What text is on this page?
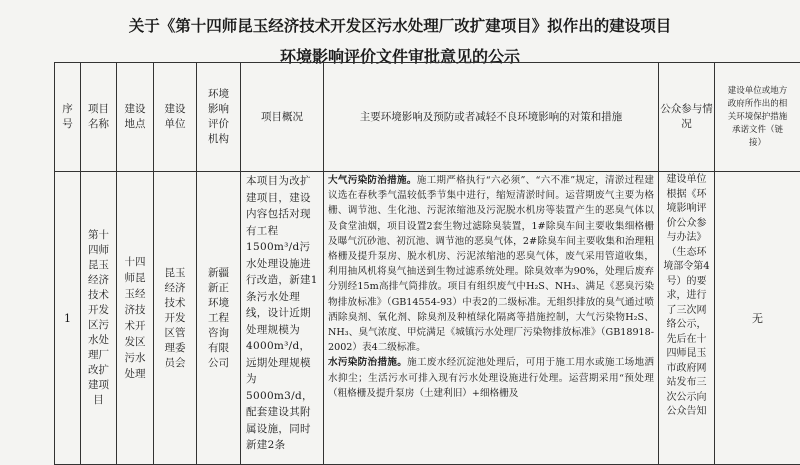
关于《第十四师昆玉经济技术开发区污水处理厂改扩建项目》拟作出的建设项目
环境影响评价文件审批意见的公示
序号	项目名称	建设地点	建设单位	环境影响评价机构	项目概况	主要环境影响及预防或者减轻不良环境影响的对策和措施	公众参与情况	建设单位或地方政府所作出的相关环境保护措施承诺文件（链接）

1	第十四师昆玉经济技术开发区污水处理厂改扩建项目	十四师昆玉经济技术开发区污水处理	昆玉经济技术开发区管理委员会	新疆新正环境工程咨询有限公司	本项目为改扩建项目，建设内容包括对现有工程1500m³/d污水处理设施进行改造，新建1条污水处理线，设计近期处理规模为4000m³/d，远期处理规模为5000m3/d，配套建设其附属设施，同时新建2条	大气污染防治措施。施工期严格执行“六必须”、“六不准”规定，清淤过程建议选在春秋季气温较低季节集中进行，缩短清淤时间。运营期废气主要为格栅、调节池、生化池、污泥浓缩池及污泥脱水机房等装置产生的恶臭气体以及食堂油烟，项目设置2套生物过滤除臭装置，1#除臭车间主要收集细格栅及曝气沉砂池、初沉池、调节池的恶臭气体，2#除臭车间主要收集和治理粗格栅及提升泵房、脱水机房、污泥浓缩池的恶臭气体，废气采用管道收集，利用抽风机将臭气抽送到生物过滤系统处理。除臭效率为90%，处理后废弃分别经15m高排气筒排放。项目有组织废气中H₂S、NH₃、满足《恶臭污染物排放标准》（GB14554-93）中表2的二级标准。无组织排放的臭气通过喷洒除臭剂、氧化剂、除臭剂及种植绿化隔离等措施控制，大气污染物H₂S、NH₃、臭气浓度、甲烷满足《城镇污水处理厂污染物排放标准》（GB18918-2002）表4二级标准。
水污染防治措施。施工废水经沉淀池处理后，可用于施工用水或施工场地洒水抑尘；生活污水可排入现有污水处理设施进行处理。运营期采用“预处理（粗格栅及提升泵房（土建利旧）+细格栅及	建设单位根据《环境影响评价公众参与办法》（生态环境部令第4号）的要求，进行了三次网络公示，先后在十四师昆玉市政府网站发布三次公示向公众告知	无
